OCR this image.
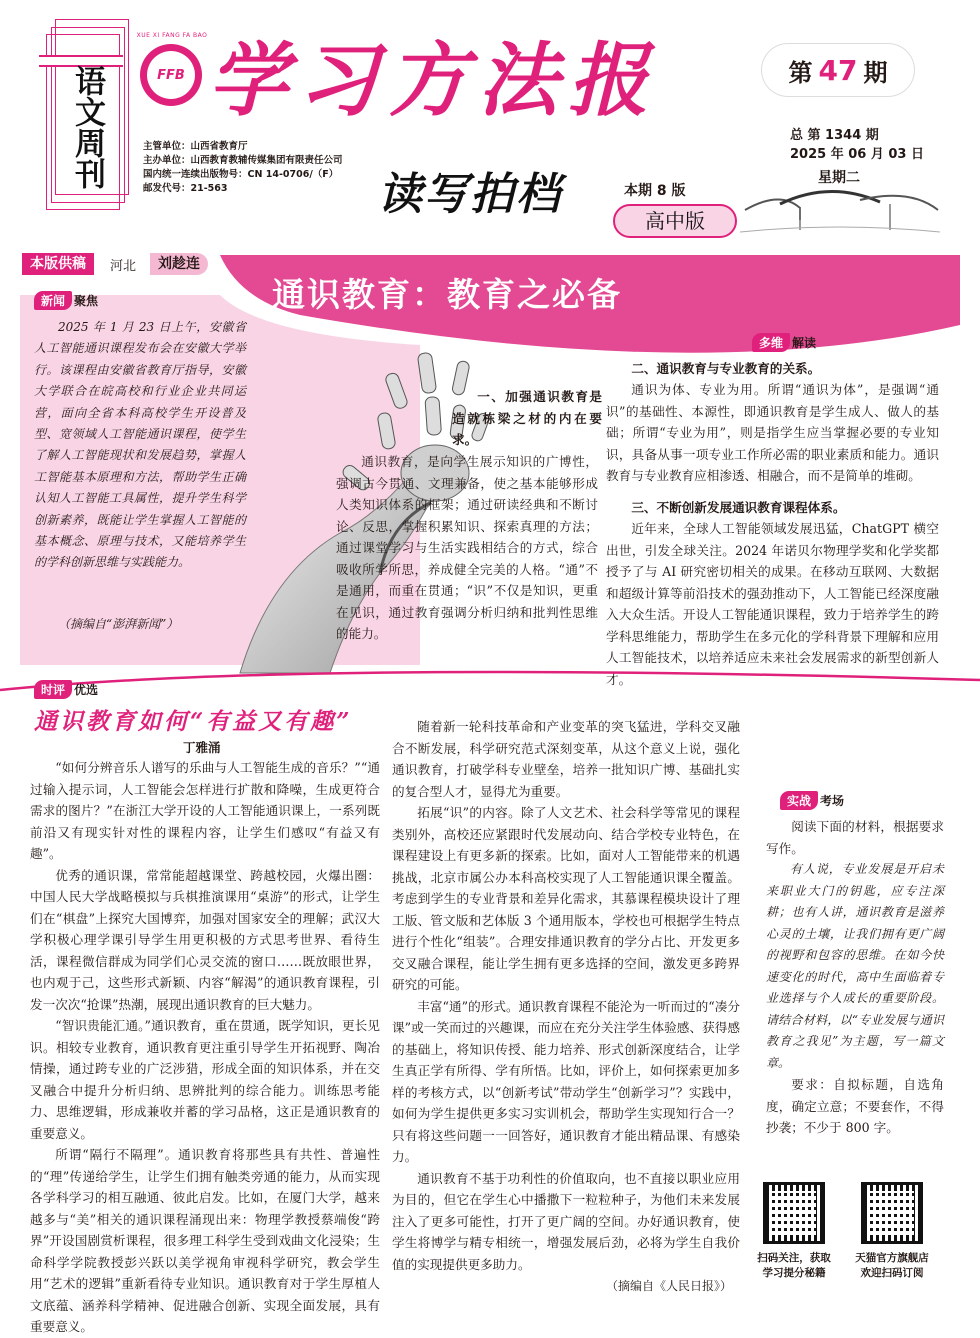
语文周刊	FFB
XUE XI FANG FA BAO 学习方法报	第 47 期
总 第 1344 期
2025 年 06 月 03 日
星期二
主管单位：山西省教育厅
主办单位：山西教育教辅传媒集团有限责任公司
国内统一连续出版物号：CN 14-0706/（F）
邮发代号：21-563	读写拍档	本期 8 版
高中版
本版供稿	河北	刘趁连
通识教育：教育之必备
新闻 聚焦
2025 年 1 月 23 日上午，安徽省人工智能通识课程发布会在安徽大学举行。该课程由安徽省教育厅指导，安徽大学联合在皖高校和行业企业共同运营，面向全省本科高校学生开设普及型、宽领域人工智能通识课程，使学生了解人工智能现状和发展趋势，掌握人工智能基本原理和方法，帮助学生正确认知人工智能工具属性，提升学生科学创新素养，既能让学生掌握人工智能的基本概念、原理与技术，又能培养学生的学科创新思维与实践能力。
（摘编自“澎湃新闻”）
一、加强通识教育是造就栋梁之材的内在要求。
通识教育，是向学生展示知识的广博性，强调古今贯通、文理兼备，使之基本能够形成人类知识体系的框架；通过研读经典和不断讨论、反思，掌握积累知识、探索真理的方法；通过课堂学习与生活实践相结合的方式，综合吸收所学所思，养成健全完美的人格。“通”不是通用，而重在贯通；“识”不仅是知识，更重在见识，通过教育强调分析归纳和批判性思维的能力。
多维 解读
二、通识教育与专业教育的关系。
通识为体、专业为用。所谓“通识为体”，是强调“通识”的基础性、本源性，即通识教育是学生成人、做人的基础；所谓“专业为用”，则是指学生应当掌握必要的专业知识，具备从事一项专业工作所必需的职业素质和能力。通识教育与专业教育应相渗透、相融合，而不是简单的堆砌。
三、不断创新发展通识教育课程体系。
近年来，全球人工智能领域发展迅猛，ChatGPT 横空出世，引发全球关注。2024 年诺贝尔物理学奖和化学奖都授予了与 AI 研究密切相关的成果。在移动互联网、大数据和超级计算等前沿技术的强劲推动下，人工智能已经深度融入大众生活。开设人工智能通识课程，致力于培养学生的跨学科思维能力，帮助学生在多元化的学科背景下理解和应用人工智能技术，以培养适应未来社会发展需求的新型创新人才。
时评 优选
通识教育如何“有益又有趣”
丁雅涌

“如何分辨音乐人谱写的乐曲与人工智能生成的音乐？”“通过输入提示词，人工智能会怎样进行扩散和降噪，生成更符合需求的图片？”在浙江大学开设的人工智能通识课上，一系列既前沿又有现实针对性的课程内容，让学生们感叹“有益又有趣”。

优秀的通识课，常常能超越课堂、跨越校园，火爆出圈：中国人民大学战略模拟与兵棋推演课用“桌游”的形式，让学生们在“棋盘”上探究大国博弈，加强对国家安全的理解；武汉大学积极心理学课引导学生用更积极的方式思考世界、看待生活，课程微信群成为同学们心灵交流的窗口……既放眼世界，也内观于己，这些形式新颖、内容“解渴”的通识教育课程，引发一次次“抢课”热潮，展现出通识教育的巨大魅力。

“智识贵能汇通。”通识教育，重在贯通，既学知识，更长见识。相较专业教育，通识教育更注重引导学生开拓视野、陶冶情操，通过跨专业的广泛涉猎，形成全面的知识体系，并在交叉融合中提升分析归纳、思辨批判的综合能力。训练思考能力、思维逻辑，形成兼收并蓄的学习品格，这正是通识教育的重要意义。

所谓“隔行不隔理”。通识教育将那些具有共性、普遍性的“理”传递给学生，让学生们拥有触类旁通的能力，从而实现各学科学习的相互融通、彼此启发。比如，在厦门大学，越来越多与“美”相关的通识课程涌现出来：物理学教授蔡端俊“跨界”开设国剧赏析课程，很多理工科学生受到戏曲文化浸染；生命科学学院教授彭兴跃以美学视角审视科学研究，教会学生用“艺术的逻辑”重新看待专业知识。通识教育对于学生厚植人文底蕴、涵养科学精神、促进融合创新、实现全面发展，具有重要意义。

随着新一轮科技革命和产业变革的突飞猛进，学科交叉融合不断发展，科学研究范式深刻变革，从这个意义上说，强化通识教育，打破学科专业壁垒，培养一批知识广博、基础扎实的复合型人才，显得尤为重要。

拓展“识”的内容。除了人文艺术、社会科学等常见的课程类别外，高校还应紧跟时代发展动向、结合学校专业特色，在课程建设上有更多新的探索。比如，面对人工智能带来的机遇挑战，北京市属公办本科高校实现了人工智能通识课全覆盖。考虑到学生的专业背景和差异化需求，其慕课程模块设计了理工版、管文版和艺体版 3 个通用版本，学校也可根据学生特点进行个性化“组装”。合理安排通识教育的学分占比、开发更多交叉融合课程，能让学生拥有更多选择的空间，激发更多跨界研究的可能。

丰富“通”的形式。通识教育课程不能沦为一听而过的“凑分课”或一笑而过的兴趣课，而应在充分关注学生体验感、获得感的基础上，将知识传授、能力培养、形式创新深度结合，让学生真正学有所得、学有所悟。比如，评价上，如何探索更加多样的考核方式，以“创新考试”带动学生“创新学习”？实践中，如何为学生提供更多实习实训机会，帮助学生实现知行合一？只有将这些问题一一回答好，通识教育才能出精品课、有感染力。

通识教育不基于功利性的价值取向，也不直接以职业应用为目的，但它在学生心中播撒下一粒粒种子，为他们未来发展注入了更多可能性，打开了更广阔的空间。办好通识教育，使学生将博学与精专相统一，增强发展后劲，必将为学生自我价值的实现提供更多助力。

（摘编自《人民日报》）
实战 考场
阅读下面的材料，根据要求写作。
有人说，专业发展是开启未来职业大门的钥匙，应专注深耕；也有人讲，通识教育是滋养心灵的土壤，让我们拥有更广阔的视野和包容的思维。在如今快速变化的时代，高中生面临着专业选择与个人成长的重要阶段。请结合材料，以“专业发展与通识教育之我见”为主题，写一篇文章。
要求：自拟标题，自选角度，确定立意；不要套作，不得抄袭；不少于 800 字。
扫码关注，获取
学习提分秘籍
天猫官方旗舰店
欢迎扫码订阅
